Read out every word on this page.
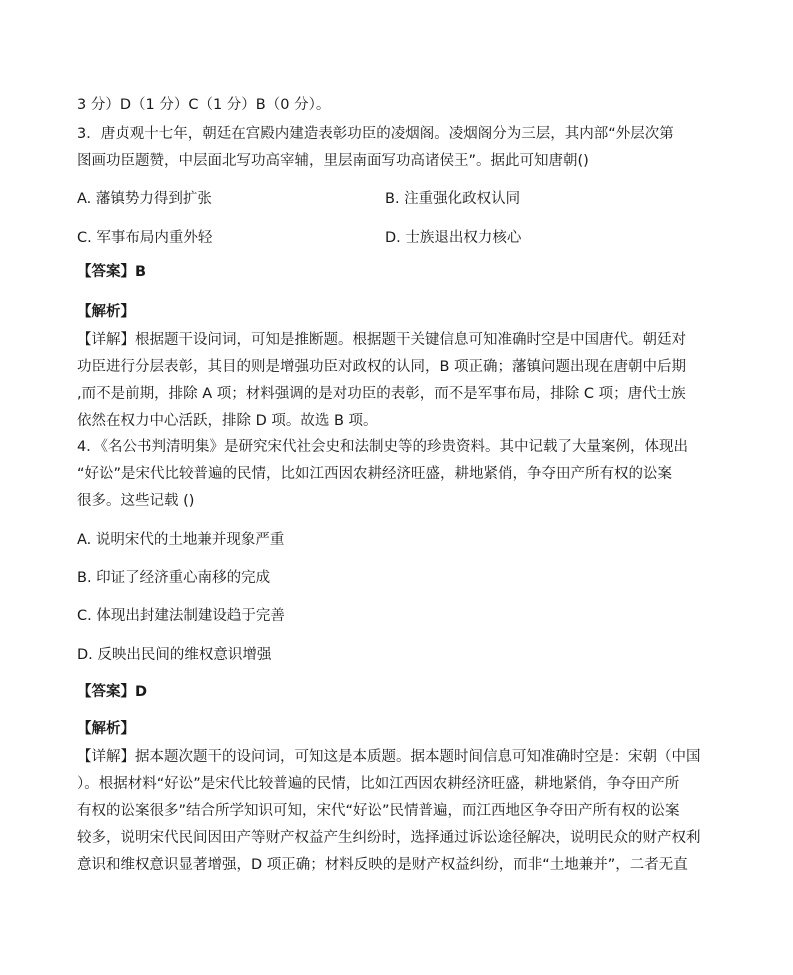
3 分）D（1 分）C（1 分）B（0 分）。
3．唐贞观十七年，朝廷在宫殿内建造表彰功臣的凌烟阁。凌烟阁分为三层，其内部“外层次第
图画功臣题赞，中层面北写功高宰辅，里层南面写功高诸侯王”。据此可知唐朝()
A. 藩镇势力得到扩张	B. 注重强化政权认同
C. 军事布局内重外轻	D. 士族退出权力核心
【答案】B
【解析】
【详解】根据题干设问词，可知是推断题。根据题干关键信息可知准确时空是中国唐代。朝廷对
功臣进行分层表彰，其目的则是增强功臣对政权的认同，B 项正确；藩镇问题出现在唐朝中后期
,而不是前期，排除 A 项；材料强调的是对功臣的表彰，而不是军事布局，排除 C 项；唐代士族
依然在权力中心活跃，排除 D 项。故选 B 项。
4．《名公书判清明集》是研究宋代社会史和法制史等的珍贵资料。其中记载了大量案例，体现出
“好讼”是宋代比较普遍的民情，比如江西因农耕经济旺盛，耕地紧俏，争夺田产所有权的讼案
很多。这些记载 ()
A. 说明宋代的土地兼并现象严重
B. 印证了经济重心南移的完成
C. 体现出封建法制建设趋于完善
D. 反映出民间的维权意识增强
【答案】D
【解析】
【详解】据本题次题干的设问词，可知这是本质题。据本题时间信息可知准确时空是：宋朝（中国
）。根据材料“好讼”是宋代比较普遍的民情，比如江西因农耕经济旺盛，耕地紧俏，争夺田产所
有权的讼案很多”结合所学知识可知，宋代“好讼”民情普遍，而江西地区争夺田产所有权的讼案
较多，说明宋代民间因田产等财产权益产生纠纷时，选择通过诉讼途径解决，说明民众的财产权利
意识和维权意识显著增强，D 项正确；材料反映的是财产权益纠纷，而非“土地兼并”，二者无直
